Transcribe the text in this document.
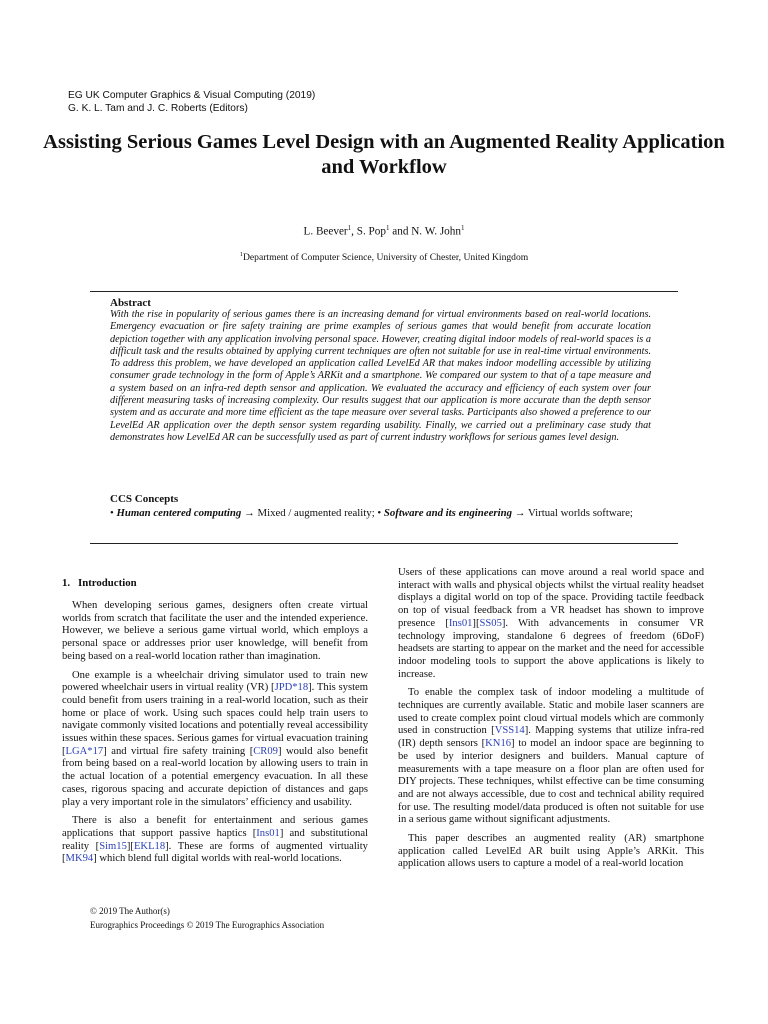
EG UK Computer Graphics & Visual Computing (2019)
G. K. L. Tam and J. C. Roberts (Editors)
Assisting Serious Games Level Design with an Augmented Reality Application and Workflow
L. Beever$^1$, S. Pop$^1$ and N. W. John$^1$
$^1$Department of Computer Science, University of Chester, United Kingdom
Abstract
With the rise in popularity of serious games there is an increasing demand for virtual environments based on real-world locations. Emergency evacuation or fire safety training are prime examples of serious games that would benefit from accurate location depiction together with any application involving personal space. However, creating digital indoor models of real-world spaces is a difficult task and the results obtained by applying current techniques are often not suitable for use in real-time virtual environments. To address this problem, we have developed an application called LevelEd AR that makes indoor modelling accessible by utilizing consumer grade technology in the form of Apple’s ARKit and a smartphone. We compared our system to that of a tape measure and a system based on an infra-red depth sensor and application. We evaluated the accuracy and efficiency of each system over four different measuring tasks of increasing complexity. Our results suggest that our application is more accurate than the depth sensor system and as accurate and more time efficient as the tape measure over several tasks. Participants also showed a preference to our LevelEd AR application over the depth sensor system regarding usability. Finally, we carried out a preliminary case study that demonstrates how LevelEd AR can be successfully used as part of current industry workflows for serious games level design.
CCS Concepts
• Human centered computing → Mixed / augmented reality; • Software and its engineering → Virtual worlds software;
1. Introduction

When developing serious games, designers often create virtual worlds from scratch that facilitate the user and the intended experience. However, we believe a serious game virtual world, which employs a personal space or addresses prior user knowledge, will benefit from being based on a real-world location rather than imagination.

One example is a wheelchair driving simulator used to train new powered wheelchair users in virtual reality (VR) [JPD*18]. This system could benefit from users training in a real-world location, such as their home or place of work. Using such spaces could help train users to navigate commonly visited locations and potentially reveal accessibility issues within these spaces. Serious games for virtual evacuation training [LGA*17] and virtual fire safety training [CR09] would also benefit from being based on a real-world location by allowing users to train in the actual location of a potential emergency evacuation. In all these cases, rigorous spacing and accurate depiction of distances and gaps play a very important role in the simulators’ efficiency and usability.

There is also a benefit for entertainment and serious games applications that support passive haptics [Ins01] and substitutional reality [Sim15][EKL18]. These are forms of augmented virtuality [MK94] which blend full digital worlds with real-world locations.

Users of these applications can move around a real world space and interact with walls and physical objects whilst the virtual reality headset displays a digital world on top of the space. Providing tactile feedback on top of visual feedback from a VR headset has shown to improve presence [Ins01][SS05]. With advancements in consumer VR technology improving, standalone 6 degrees of freedom (6DoF) headsets are starting to appear on the market and the need for accessible indoor modeling tools to support the above applications is likely to increase.

To enable the complex task of indoor modeling a multitude of techniques are currently available. Static and mobile laser scanners are used to create complex point cloud virtual models which are commonly used in construction [VSS14]. Mapping systems that utilize infra-red (IR) depth sensors [KN16] to model an indoor space are beginning to be used by interior designers and builders. Manual capture of measurements with a tape measure on a floor plan are often used for DIY projects. These techniques, whilst effective can be time consuming and are not always accessible, due to cost and technical ability required for use. The resulting model/data produced is often not suitable for use in a serious game without significant adjustments.

This paper describes an augmented reality (AR) smartphone application called LevelEd AR built using Apple’s ARKit. This application allows users to capture a model of a real-world location

© 2019 The Author(s)
Eurographics Proceedings © 2019 The Eurographics Association
